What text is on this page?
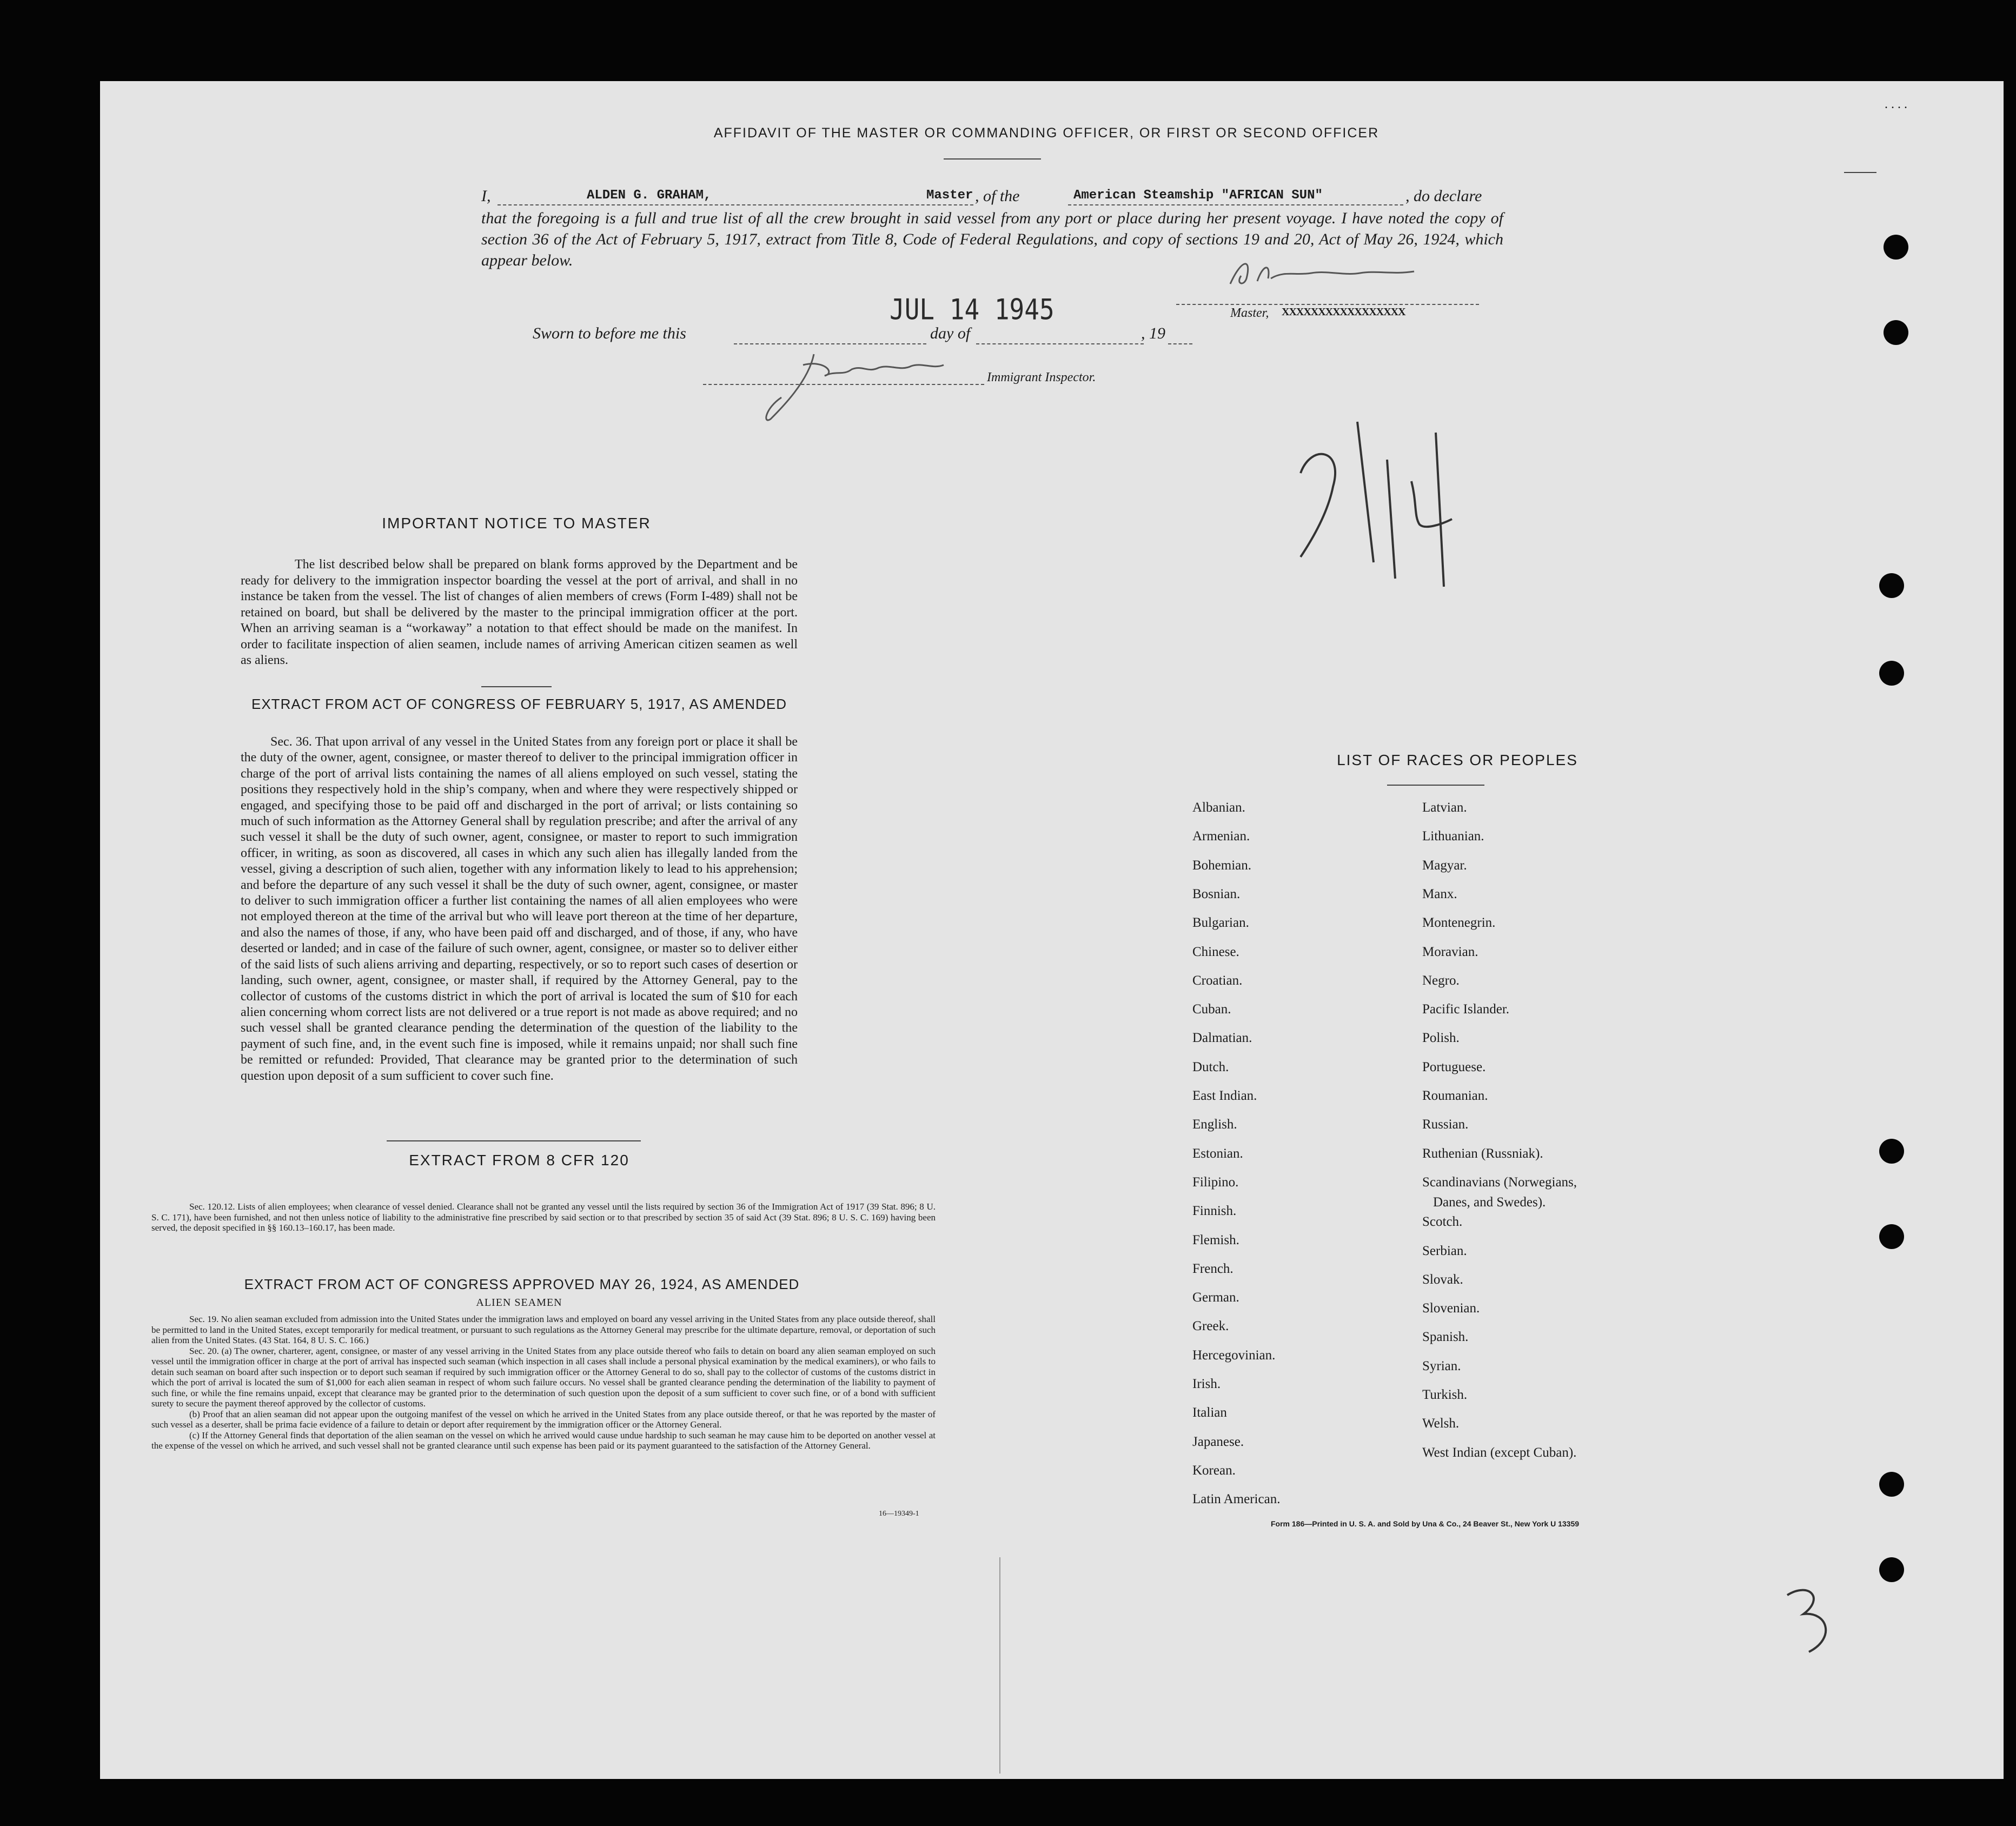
AFFIDAVIT OF THE MASTER OR COMMANDING OFFICER, OR FIRST OR SECOND OFFICER
I,	ALDEN G. GRAHAM,	Master , of the	American Steamship "AFRICAN SUN"	, do declare
that the foregoing is a full and true list of all the crew brought in said vessel from any port or place during her present voyage. I have noted the copy of section 36 of the Act of February 5, 1917, extract from Title 8, Code of Federal Regulations, and copy of sections 19 and 20, Act of May 26, 1924, which appear below.
Master, XXXXXXXXXXXXXXXXX
JUL 14 1945
Sworn to before me this	day of	, 19
Immigrant Inspector.
IMPORTANT NOTICE TO MASTER
The list described below shall be prepared on blank forms approved by the Department and be ready for delivery to the immigration inspector boarding the vessel at the port of arrival, and shall in no instance be taken from the vessel. The list of changes of alien members of crews (Form I-489) shall not be retained on board, but shall be delivered by the master to the principal immigration officer at the port. When an arriving seaman is a “workaway” a notation to that effect should be made on the manifest. In order to facilitate inspection of alien seamen, include names of arriving American citizen seamen as well as aliens.
EXTRACT FROM ACT OF CONGRESS OF FEBRUARY 5, 1917, AS AMENDED
Sec. 36. That upon arrival of any vessel in the United States from any foreign port or place it shall be the duty of the owner, agent, consignee, or master thereof to deliver to the principal immigration officer in charge of the port of arrival lists containing the names of all aliens employed on such vessel, stating the positions they respectively hold in the ship’s company, when and where they were respectively shipped or engaged, and specifying those to be paid off and discharged in the port of arrival; or lists containing so much of such information as the Attorney General shall by regulation prescribe; and after the arrival of any such vessel it shall be the duty of such owner, agent, consignee, or master to report to such immigration officer, in writing, as soon as discovered, all cases in which any such alien has illegally landed from the vessel, giving a description of such alien, together with any information likely to lead to his apprehension; and before the departure of any such vessel it shall be the duty of such owner, agent, consignee, or master to deliver to such immigration officer a further list containing the names of all alien employees who were not employed thereon at the time of the arrival but who will leave port thereon at the time of her departure, and also the names of those, if any, who have been paid off and discharged, and of those, if any, who have deserted or landed; and in case of the failure of such owner, agent, consignee, or master so to deliver either of the said lists of such aliens arriving and departing, respectively, or so to report such cases of desertion or landing, such owner, agent, consignee, or master shall, if required by the Attorney General, pay to the collector of customs of the customs district in which the port of arrival is located the sum of $10 for each alien concerning whom correct lists are not delivered or a true report is not made as above required; and no such vessel shall be granted clearance pending the determination of the question of the liability to the payment of such fine, and, in the event such fine is imposed, while it remains unpaid; nor shall such fine be remitted or refunded: Provided, That clearance may be granted prior to the determination of such question upon deposit of a sum sufficient to cover such fine.
EXTRACT FROM 8 CFR 120
Sec. 120.12. Lists of alien employees; when clearance of vessel denied. Clearance shall not be granted any vessel until the lists required by section 36 of the Immigration Act of 1917 (39 Stat. 896; 8 U. S. C. 171), have been furnished, and not then unless notice of liability to the administrative fine prescribed by said section or to that prescribed by section 35 of said Act (39 Stat. 896; 8 U. S. C. 169) having been served, the deposit specified in §§ 160.13–160.17, has been made.
EXTRACT FROM ACT OF CONGRESS APPROVED MAY 26, 1924, AS AMENDED
ALIEN SEAMEN
Sec. 19. No alien seaman excluded from admission into the United States under the immigration laws and employed on board any vessel arriving in the United States from any place outside thereof, shall be permitted to land in the United States, except temporarily for medical treatment, or pursuant to such regulations as the Attorney General may prescribe for the ultimate departure, removal, or deportation of such alien from the United States. (43 Stat. 164, 8 U. S. C. 166.)
Sec. 20. (a) The owner, charterer, agent, consignee, or master of any vessel arriving in the United States from any place outside thereof who fails to detain on board any alien seaman employed on such vessel until the immigration officer in charge at the port of arrival has inspected such seaman (which inspection in all cases shall include a personal physical examination by the medical examiners), or who fails to detain such seaman on board after such inspection or to deport such seaman if required by such immigration officer or the Attorney General to do so, shall pay to the collector of customs of the customs district in which the port of arrival is located the sum of $1,000 for each alien seaman in respect of whom such failure occurs. No vessel shall be granted clearance pending the determination of the liability to payment of such fine, or while the fine remains unpaid, except that clearance may be granted prior to the determination of such question upon the deposit of a sum sufficient to cover such fine, or of a bond with sufficient surety to secure the payment thereof approved by the collector of customs.
(b) Proof that an alien seaman did not appear upon the outgoing manifest of the vessel on which he arrived in the United States from any place outside thereof, or that he was reported by the master of such vessel as a deserter, shall be prima facie evidence of a failure to detain or deport after requirement by the immigration officer or the Attorney General.
(c) If the Attorney General finds that deportation of the alien seaman on the vessel on which he arrived would cause undue hardship to such seaman he may cause him to be deported on another vessel at the expense of the vessel on which he arrived, and such vessel shall not be granted clearance until such expense has been paid or its payment guaranteed to the satisfaction of the Attorney General.
16—19349-1
LIST OF RACES OR PEOPLES
Albanian.
Armenian.
Bohemian.
Bosnian.
Bulgarian.
Chinese.
Croatian.
Cuban.
Dalmatian.
Dutch.
East Indian.
English.
Estonian.
Filipino.
Finnish.
Flemish.
French.
German.
Greek.
Hercegovinian.
Irish.
Italian
Japanese.
Korean.
Latin American.
Latvian.
Lithuanian.
Magyar.
Manx.
Montenegrin.
Moravian.
Negro.
Pacific Islander.
Polish.
Portuguese.
Roumanian.
Russian.
Ruthenian (Russniak).
Scandinavians (Norwegians,
Scotch.
Serbian.
Slovak.
Slovenian.
Spanish.
Syrian.
Turkish.
Welsh.
West Indian (except Cuban).
Danes, and Swedes).
Form 186—Printed in U. S. A. and Sold by Una & Co., 24 Beaver St., New York U 13359
. . . .
